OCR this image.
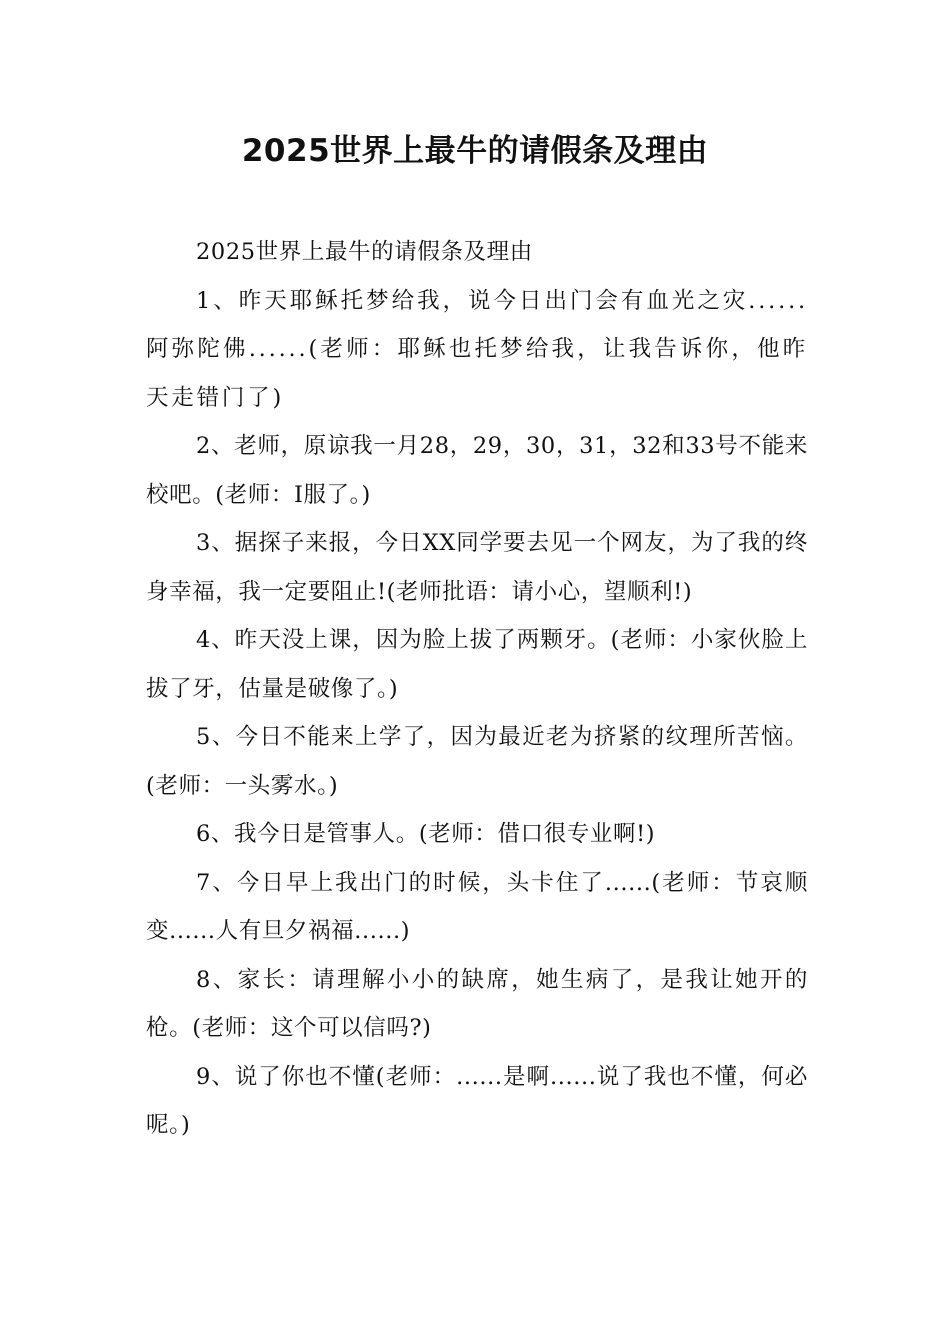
2025世界上最牛的请假条及理由

2025世界上最牛的请假条及理由

1、昨天耶稣托梦给我，说今日出门会有血光之灾......阿弥陀佛......(老师：耶稣也托梦给我，让我告诉你，他昨天走错门了)

2、老师，原谅我一月28，29，30，31，32和33号不能来校吧。(老师：I服了。)

3、据探子来报，今日XX同学要去见一个网友，为了我的终身幸福，我一定要阻止!(老师批语：请小心，望顺利!)

4、昨天没上课，因为脸上拔了两颗牙。(老师：小家伙脸上拔了牙，估量是破像了。)

5、今日不能来上学了，因为最近老为挤紧的纹理所苦恼。(老师：一头雾水。)

6、我今日是管事人。(老师：借口很专业啊!)

7、今日早上我出门的时候，头卡住了......(老师：节哀顺变......人有旦夕祸福......)

8、家长：请理解小小的缺席，她生病了，是我让她开的枪。(老师：这个可以信吗?)

9、说了你也不懂(老师：......是啊......说了我也不懂，何必呢。)
